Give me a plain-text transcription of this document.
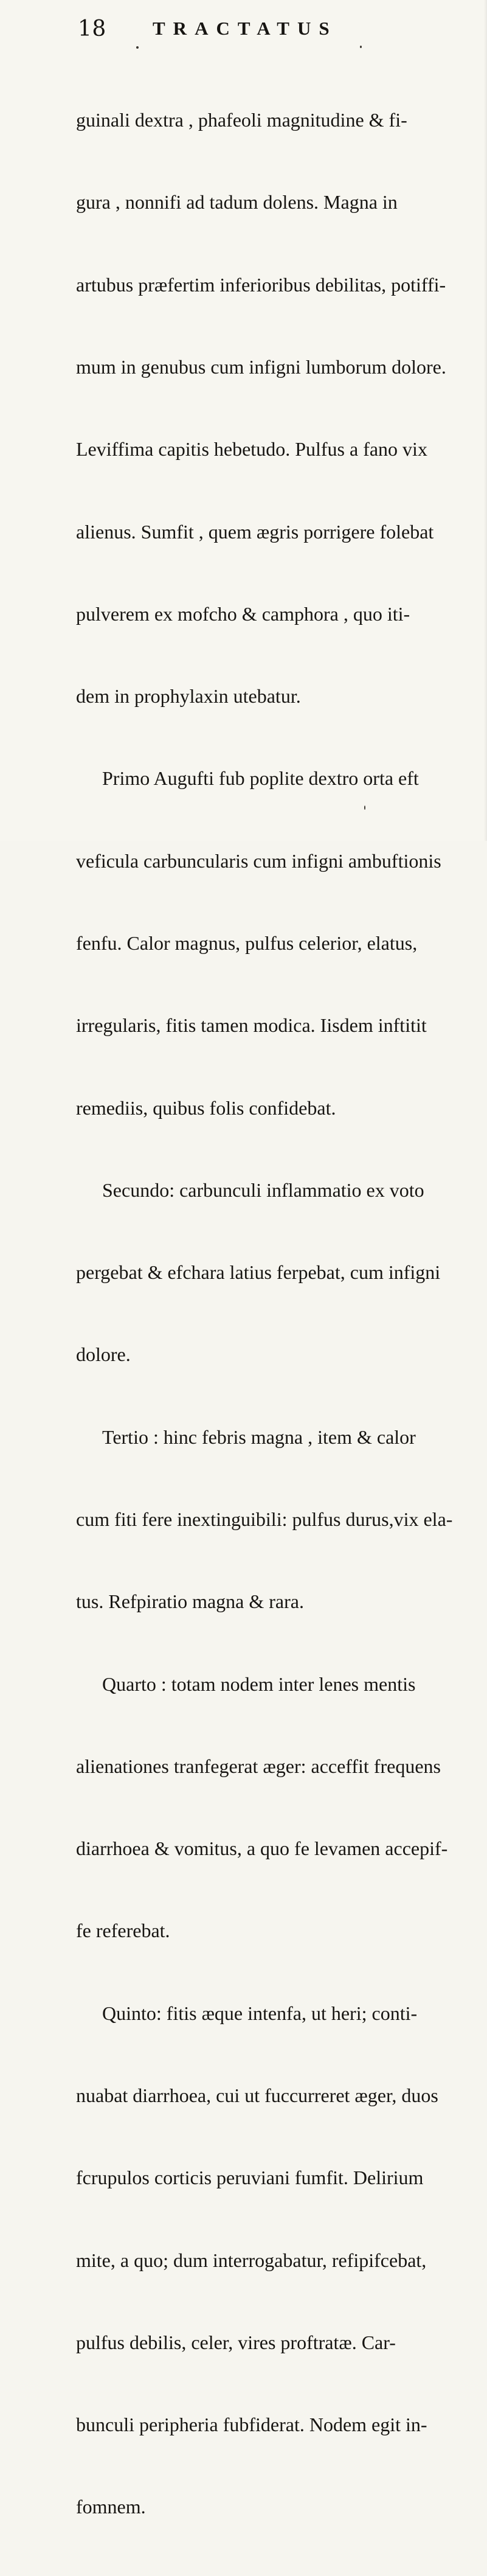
18 TRACTATUS

guinali dextra , phafeoli magnitudine & fi-

gura , nonnifi ad tadum dolens. Magna in

artubus præfertim inferioribus debilitas, potiffi-

mum in genubus cum infigni lumborum dolore.

Leviffima capitis hebetudo. Pulfus a fano vix

alienus. Sumfit , quem ægris porrigere folebat

pulverem ex mofcho & camphora , quo iti-

dem in prophylaxin utebatur.

Primo Augufti fub poplite dextro orta eft

veficula carbuncularis cum infigni ambuftionis

fenfu. Calor magnus, pulfus celerior, elatus,

irregularis, fitis tamen modica. Iisdem inftitit

remediis, quibus folis confidebat.

Secundo: carbunculi inflammatio ex voto

pergebat & efchara latius ferpebat, cum infigni

dolore.

Tertio : hinc febris magna , item & calor

cum fiti fere inextinguibili: pulfus durus,vix ela-

tus. Refpiratio magna & rara.

Quarto : totam nodem inter lenes mentis

alienationes tranfegerat æger: acceffit frequens

diarrhoea & vomitus, a quo fe levamen accepif-

fe referebat.

Quinto: fitis æque intenfa, ut heri; conti-

nuabat diarrhoea, cui ut fuccurreret æger, duos

fcrupulos corticis peruviani fumfit. Delirium

mite, a quo; dum interrogabatur, refipifcebat,

pulfus debilis, celer, vires proftratæ. Car-

bunculi peripheria fubfiderat. Nodem egit in-

fomnem.
